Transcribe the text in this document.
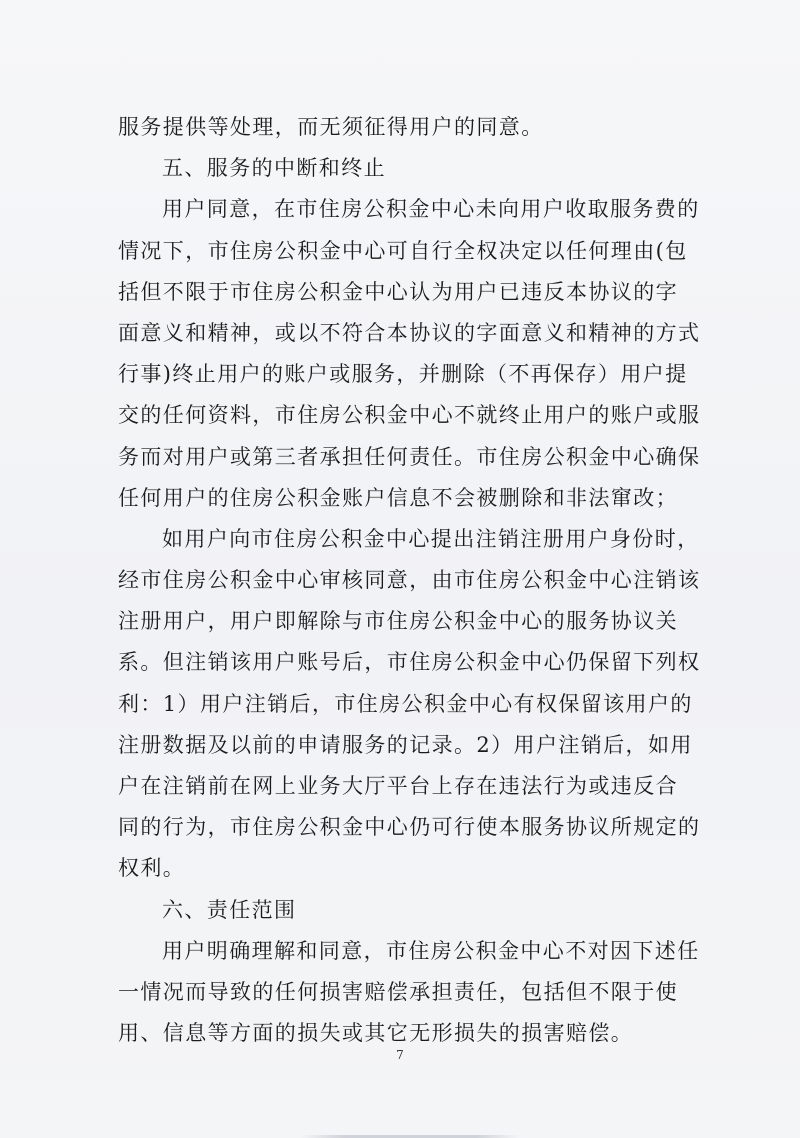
服务提供等处理，而无须征得用户的同意。
五、服务的中断和终止
用户同意，在市住房公积金中心未向用户收取服务费的
情况下，市住房公积金中心可自行全权决定以任何理由(包
括但不限于市住房公积金中心认为用户已违反本协议的字
面意义和精神，或以不符合本协议的字面意义和精神的方式
行事)终止用户的账户或服务，并删除（不再保存）用户提
交的任何资料，市住房公积金中心不就终止用户的账户或服
务而对用户或第三者承担任何责任。市住房公积金中心确保
任何用户的住房公积金账户信息不会被删除和非法窜改；
如用户向市住房公积金中心提出注销注册用户身份时，
经市住房公积金中心审核同意，由市住房公积金中心注销该
注册用户，用户即解除与市住房公积金中心的服务协议关
系。但注销该用户账号后，市住房公积金中心仍保留下列权
利：1）用户注销后，市住房公积金中心有权保留该用户的
注册数据及以前的申请服务的记录。2）用户注销后，如用
户在注销前在网上业务大厅平台上存在违法行为或违反合
同的行为，市住房公积金中心仍可行使本服务协议所规定的
权利。
六、责任范围
用户明确理解和同意，市住房公积金中心不对因下述任
一情况而导致的任何损害赔偿承担责任，包括但不限于使
用、信息等方面的损失或其它无形损失的损害赔偿。
7
